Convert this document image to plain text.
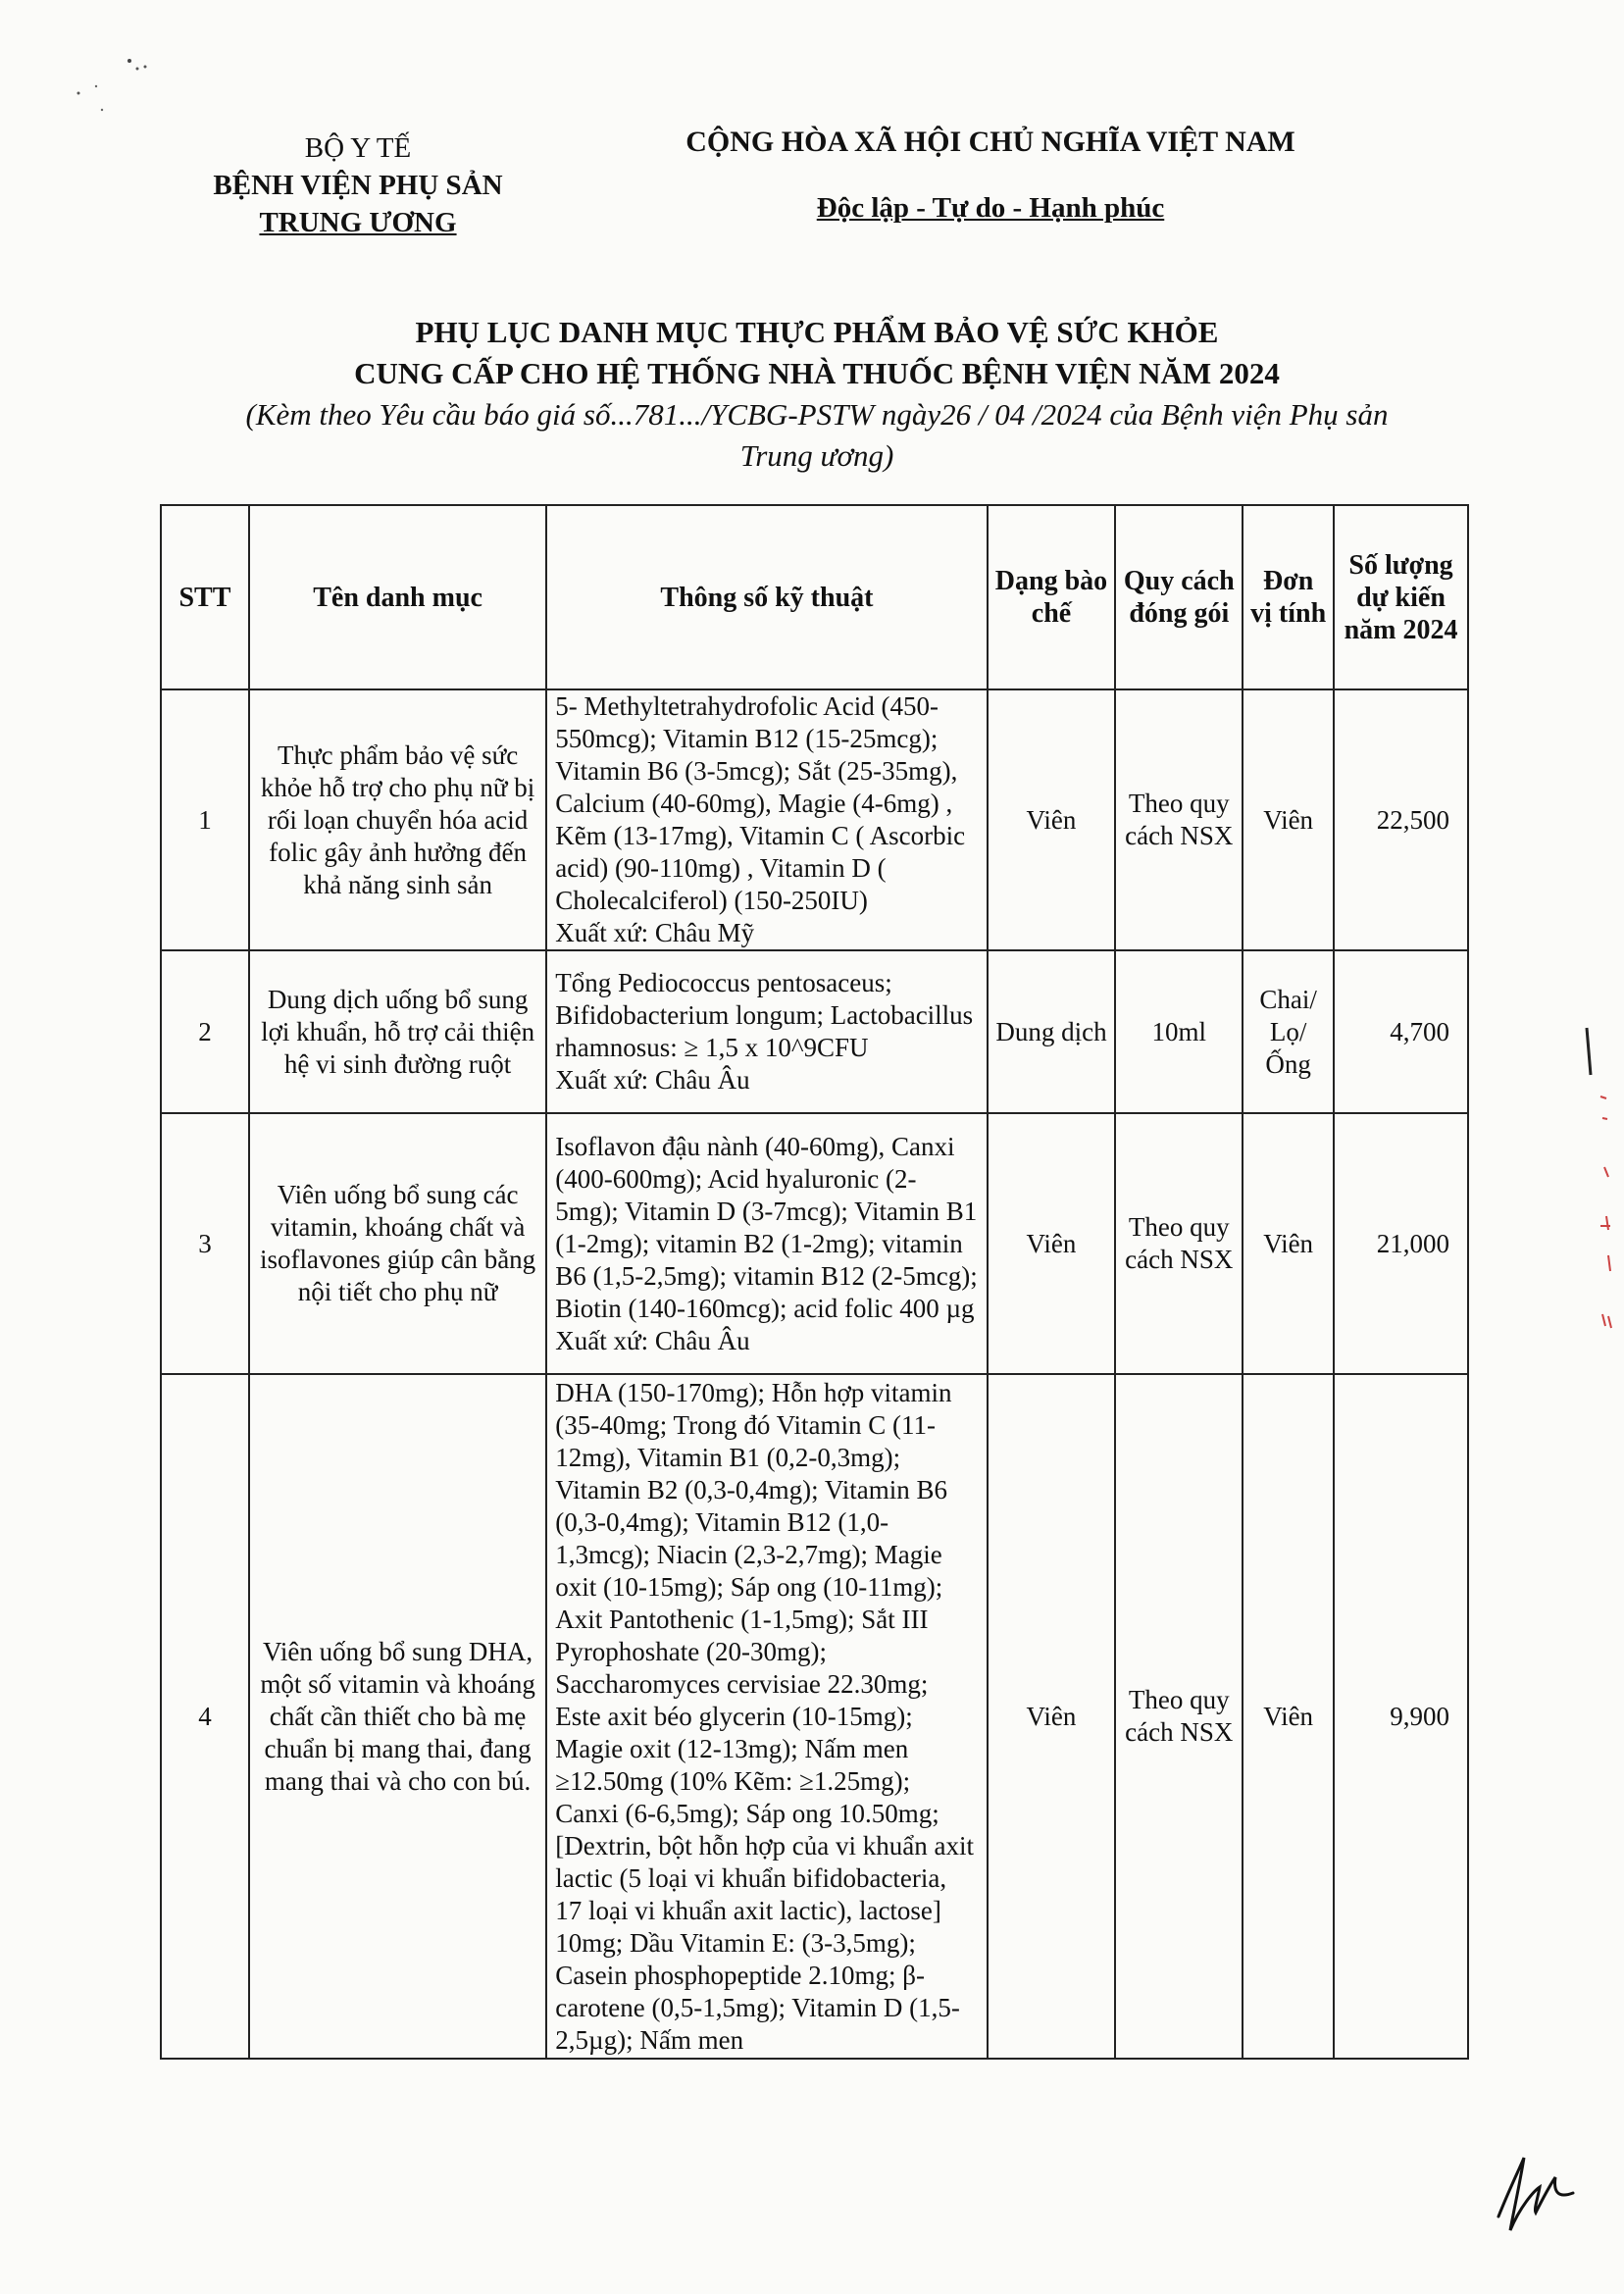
BỘ Y TẾ
BỆNH VIỆN PHỤ SẢN
TRUNG ƯƠNG
CỘNG HÒA XÃ HỘI CHỦ NGHĨA VIỆT NAM
Độc lập - Tự do - Hạnh phúc
PHỤ LỤC DANH MỤC THỰC PHẨM BẢO VỆ SỨC KHỎE
CUNG CẤP CHO HỆ THỐNG NHÀ THUỐC BỆNH VIỆN NĂM 2024
(Kèm theo Yêu cầu báo giá số...781.../YCBG-PSTW ngày26 / 04 /2024 của Bệnh viện Phụ sản
Trung ương)
STT	Tên danh mục	Thông số kỹ thuật	Dạng bào chế	Quy cách đóng gói	Đơn vị tính	Số lượng dự kiến năm 2024
1	Thực phẩm bảo vệ sức khỏe hỗ trợ cho phụ nữ bị rối loạn chuyển hóa acid folic gây ảnh hưởng đến khả năng sinh sản	5- Methyltetrahydrofolic Acid (450-550mcg); Vitamin B12 (15-25mcg); Vitamin B6 (3-5mcg); Sắt (25-35mg), Calcium (40-60mg), Magie (4-6mg) , Kẽm (13-17mg), Vitamin C ( Ascorbic acid) (90-110mg) , Vitamin D ( Cholecalciferol) (150-250IU)
Xuất xứ: Châu Mỹ	Viên	Theo quy cách NSX	Viên	22,500
2	Dung dịch uống bổ sung lợi khuẩn, hỗ trợ cải thiện hệ vi sinh đường ruột	Tổng Pediococcus pentosaceus; Bifidobacterium longum; Lactobacillus rhamnosus: ≥ 1,5 x 10^9CFU
Xuất xứ: Châu Âu	Dung dịch	10ml	Chai/ Lọ/Ống	4,700
3	Viên uống bổ sung các vitamin, khoáng chất và isoflavones giúp cân bằng nội tiết cho phụ nữ	Isoflavon đậu nành (40-60mg), Canxi (400-600mg); Acid hyaluronic (2-5mg); Vitamin D (3-7mcg); Vitamin B1 (1-2mg); vitamin B2 (1-2mg); vitamin B6 (1,5-2,5mg); vitamin B12 (2-5mcg); Biotin (140-160mcg); acid folic 400 µg
Xuất xứ: Châu Âu	Viên	Theo quy cách NSX	Viên	21,000
4	Viên uống bổ sung DHA, một số vitamin và khoáng chất cần thiết cho bà mẹ chuẩn bị mang thai, đang mang thai và cho con bú.	DHA (150-170mg); Hỗn hợp vitamin (35-40mg; Trong đó Vitamin C (11-12mg), Vitamin B1 (0,2-0,3mg); Vitamin B2 (0,3-0,4mg); Vitamin B6 (0,3-0,4mg); Vitamin B12 (1,0-1,3mcg); Niacin (2,3-2,7mg); Magie oxit (10-15mg); Sáp ong (10-11mg); Axit Pantothenic (1-1,5mg); Sắt III Pyrophoshate (20-30mg); Saccharomyces cervisiae 22.30mg; Este axit béo glycerin (10-15mg); Magie oxit (12-13mg); Nấm men ≥12.50mg (10% Kẽm: ≥1.25mg); Canxi (6-6,5mg); Sáp ong 10.50mg; [Dextrin, bột hỗn hợp của vi khuẩn axit lactic (5 loại vi khuẩn bifidobacteria, 17 loại vi khuẩn axit lactic), lactose] 10mg; Dầu Vitamin E: (3-3,5mg); Casein phosphopeptide 2.10mg; β-carotene (0,5-1,5mg); Vitamin D (1,5-2,5µg); Nấm men	Viên	Theo quy cách NSX	Viên	9,900
